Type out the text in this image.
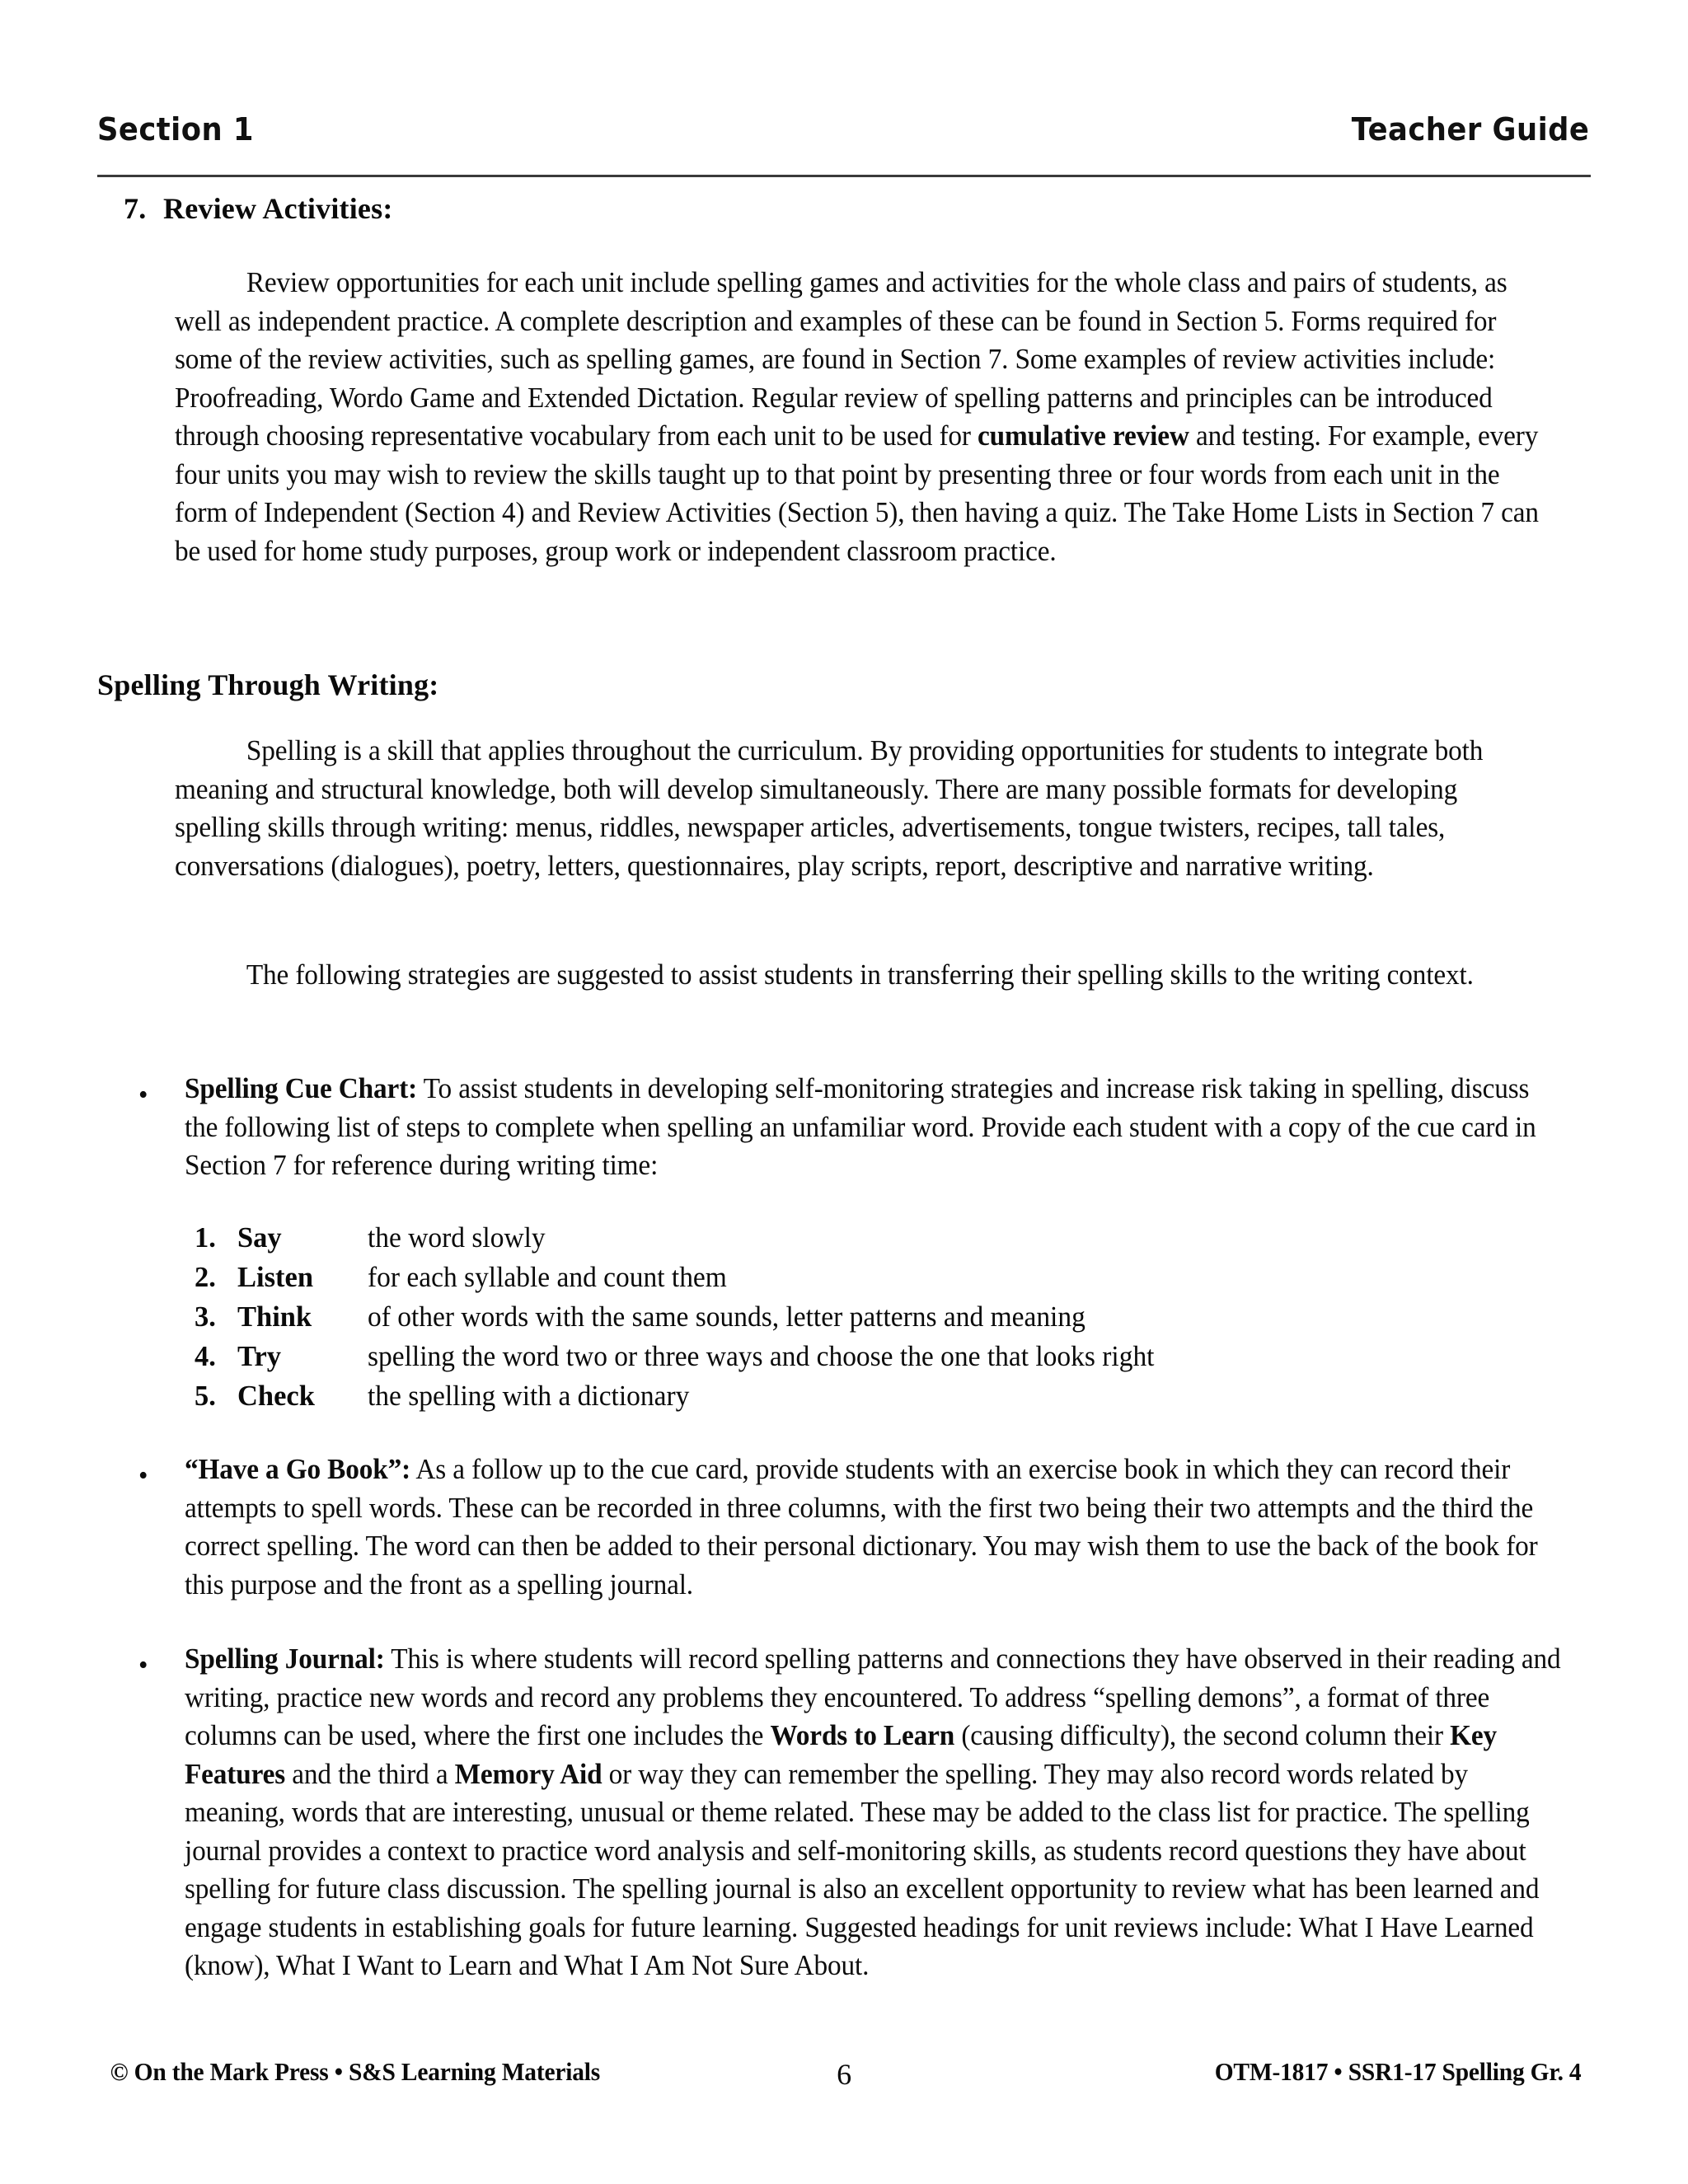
Section 1	Teacher Guide
7. Review Activities:
Review opportunities for each unit include spelling games and activities for the whole class and pairs of students, as well as independent practice. A complete description and examples of these can be found in Section 5. Forms required for some of the review activities, such as spelling games, are found in Section 7. Some examples of review activities include: Proofreading, Wordo Game and Extended Dictation. Regular review of spelling patterns and principles can be introduced through choosing representative vocabulary from each unit to be used for cumulative review and testing. For example, every four units you may wish to review the skills taught up to that point by presenting three or four words from each unit in the form of Independent (Section 4) and Review Activities (Section 5), then having a quiz. The Take Home Lists in Section 7 can be used for home study purposes, group work or independent classroom practice.
Spelling Through Writing:
Spelling is a skill that applies throughout the curriculum. By providing opportunities for students to integrate both meaning and structural knowledge, both will develop simultaneously. There are many possible formats for developing spelling skills through writing: menus, riddles, newspaper articles, advertisements, tongue twisters, recipes, tall tales, conversations (dialogues), poetry, letters, questionnaires, play scripts, report, descriptive and narrative writing.
The following strategies are suggested to assist students in transferring their spelling skills to the writing context.
• Spelling Cue Chart: To assist students in developing self-monitoring strategies and increase risk taking in spelling, discuss the following list of steps to complete when spelling an unfamiliar word. Provide each student with a copy of the cue card in Section 7 for reference during writing time:
1. Say	the word slowly
2. Listen	for each syllable and count them
3. Think	of other words with the same sounds, letter patterns and meaning
4. Try	spelling the word two or three ways and choose the one that looks right
5. Check	the spelling with a dictionary
• “Have a Go Book”: As a follow up to the cue card, provide students with an exercise book in which they can record their attempts to spell words. These can be recorded in three columns, with the first two being their two attempts and the third the correct spelling. The word can then be added to their personal dictionary. You may wish them to use the back of the book for this purpose and the front as a spelling journal.
• Spelling Journal: This is where students will record spelling patterns and connections they have observed in their reading and writing, practice new words and record any problems they encountered. To address “spelling demons”, a format of three columns can be used, where the first one includes the Words to Learn (causing difficulty), the second column their Key Features and the third a Memory Aid or way they can remember the spelling. They may also record words related by meaning, words that are interesting, unusual or theme related. These may be added to the class list for practice. The spelling journal provides a context to practice word analysis and self-monitoring skills, as students record questions they have about spelling for future class discussion. The spelling journal is also an excellent opportunity to review what has been learned and engage students in establishing goals for future learning. Suggested headings for unit reviews include: What I Have Learned (know), What I Want to Learn and What I Am Not Sure About.
© On the Mark Press • S&S Learning Materials	6	OTM-1817 • SSR1-17 Spelling Gr. 4
